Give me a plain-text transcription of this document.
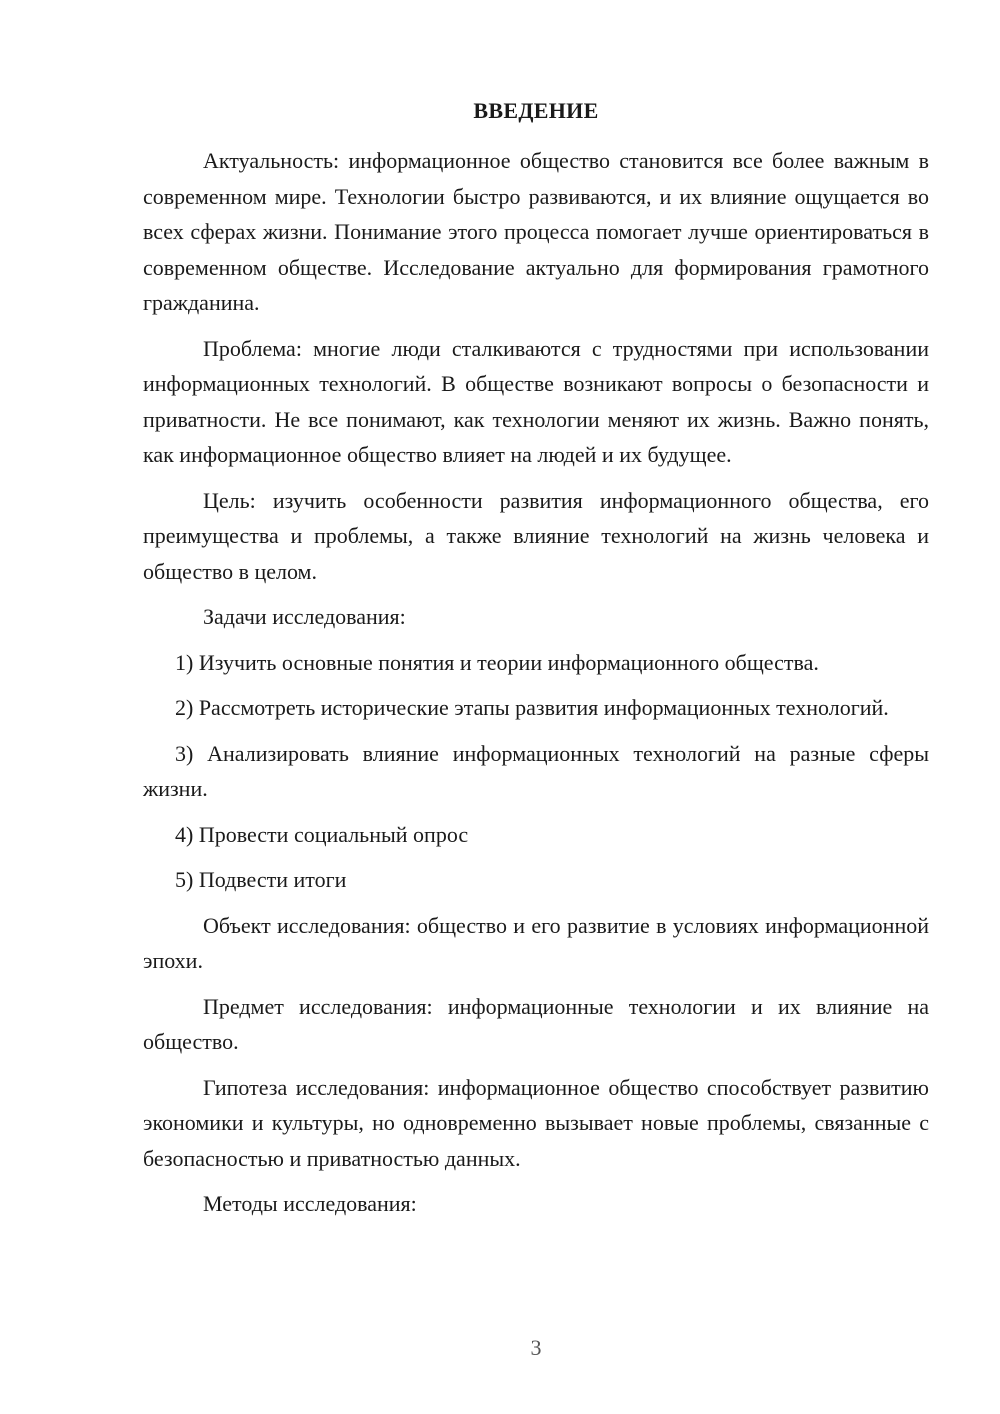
ВВЕДЕНИЕ

Актуальность: информационное общество становится все более важным в современном мире. Технологии быстро развиваются, и их влияние ощущается во всех сферах жизни. Понимание этого процесса помогает лучше ориентироваться в современном обществе. Исследование актуально для формирования грамотного гражданина.

Проблема: многие люди сталкиваются с трудностями при использовании информационных технологий. В обществе возникают вопросы о безопасности и приватности. Не все понимают, как технологии меняют их жизнь. Важно понять, как информационное общество влияет на людей и их будущее.

Цель: изучить особенности развития информационного общества, его преимущества и проблемы, а также влияние технологий на жизнь человека и общество в целом.

Задачи исследования:

1) Изучить основные понятия и теории информационного общества.

2) Рассмотреть исторические этапы развития информационных технологий.

3) Анализировать влияние информационных технологий на разные сферы жизни.

4) Провести социальный опрос

5) Подвести итоги

Объект исследования: общество и его развитие в условиях информационной эпохи.

Предмет исследования: информационные технологии и их влияние на общество.

Гипотеза исследования: информационное общество способствует развитию экономики и культуры, но одновременно вызывает новые проблемы, связанные с безопасностью и приватностью данных.

Методы исследования:

3
